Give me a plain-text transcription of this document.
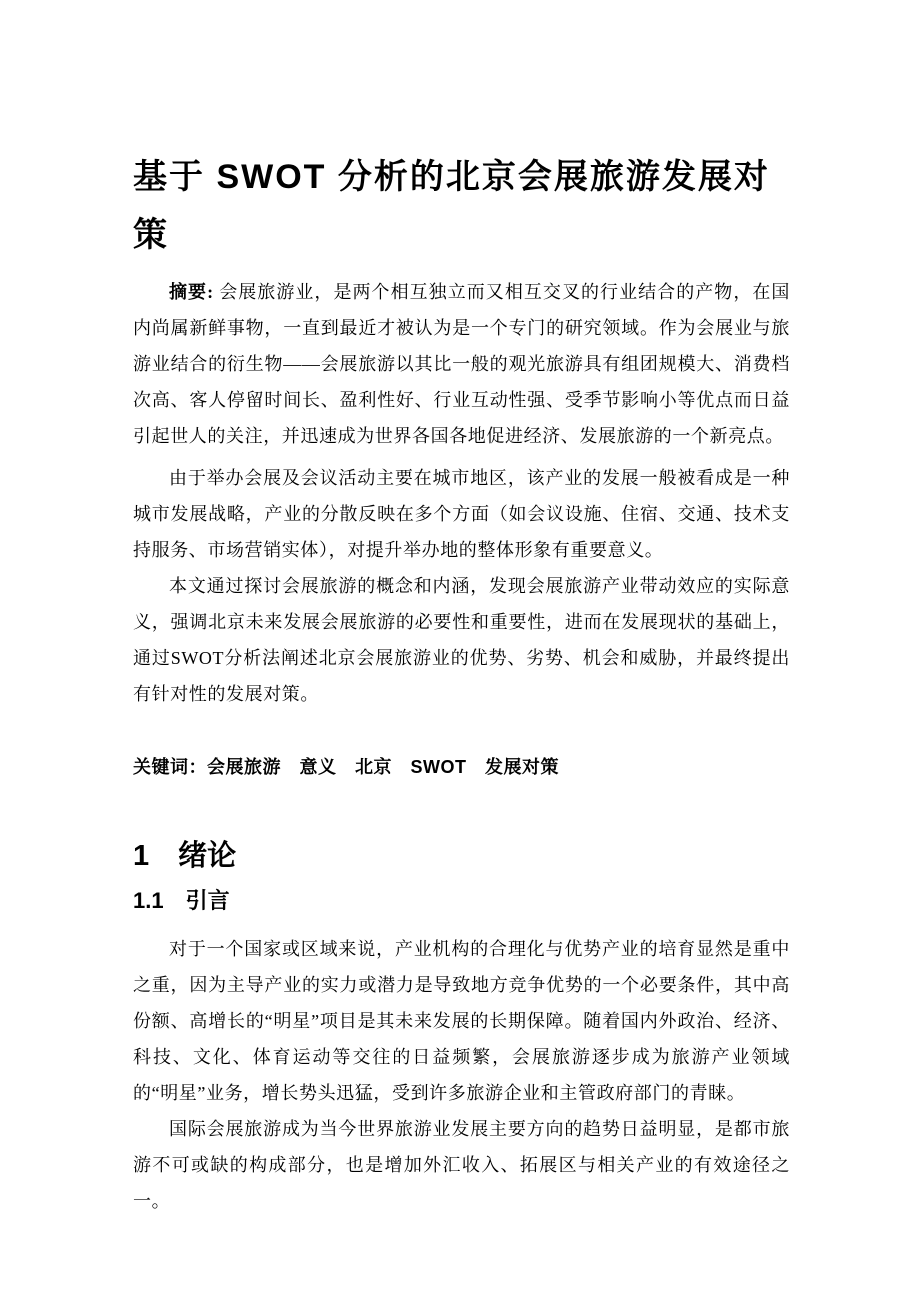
基于 SWOT 分析的北京会展旅游发展对策

摘要: 会展旅游业，是两个相互独立而又相互交叉的行业结合的产物，在国内尚属新鲜事物，一直到最近才被认为是一个专门的研究领域。作为会展业与旅游业结合的衍生物——会展旅游以其比一般的观光旅游具有组团规模大、消费档次高、客人停留时间长、盈利性好、行业互动性强、受季节影响小等优点而日益引起世人的关注，并迅速成为世界各国各地促进经济、发展旅游的一个新亮点。

由于举办会展及会议活动主要在城市地区，该产业的发展一般被看成是一种城市发展战略，产业的分散反映在多个方面（如会议设施、住宿、交通、技术支持服务、市场营销实体），对提升举办地的整体形象有重要意义。

本文通过探讨会展旅游的概念和内涵，发现会展旅游产业带动效应的实际意义，强调北京未来发展会展旅游的必要性和重要性，进而在发展现状的基础上，通过SWOT分析法阐述北京会展旅游业的优势、劣势、机会和威胁，并最终提出有针对性的发展对策。

关键词：会展旅游　意义　北京　SWOT　发展对策

1　绪论
1.1　引言

对于一个国家或区域来说，产业机构的合理化与优势产业的培育显然是重中之重，因为主导产业的实力或潜力是导致地方竞争优势的一个必要条件，其中高份额、高增长的“明星”项目是其未来发展的长期保障。随着国内外政治、经济、科技、文化、体育运动等交往的日益频繁，会展旅游逐步成为旅游产业领域的“明星”业务，增长势头迅猛，受到许多旅游企业和主管政府部门的青睐。

国际会展旅游成为当今世界旅游业发展主要方向的趋势日益明显，是都市旅游不可或缺的构成部分，也是增加外汇收入、拓展区与相关产业的有效途径之一。
